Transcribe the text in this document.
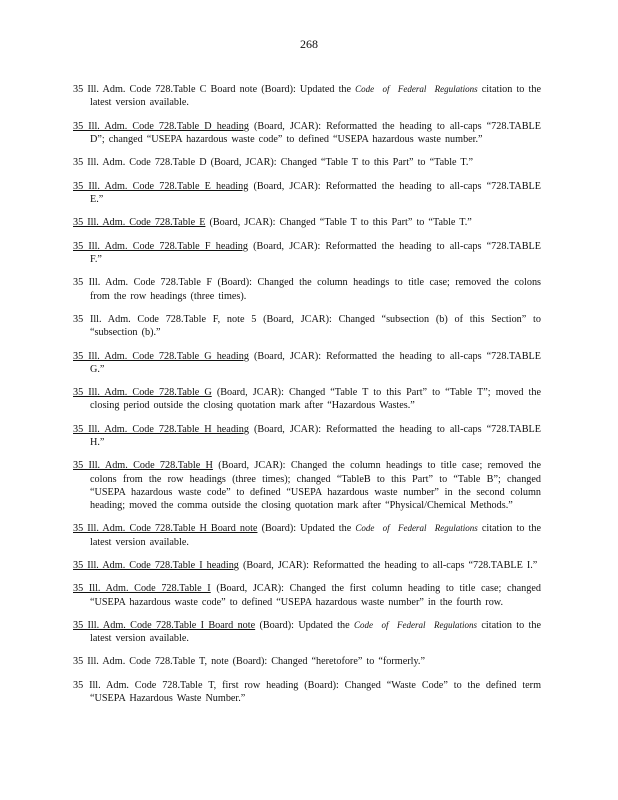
268

35 Ill. Adm. Code 728.Table C Board note (Board): Updated the Code of Federal Regulations citation to the latest version available.

35 Ill. Adm. Code 728.Table D heading (Board, JCAR): Reformatted the heading to all-caps “728.TABLE D”; changed “USEPA hazardous waste code” to defined “USEPA hazardous waste number.”

35 Ill. Adm. Code 728.Table D (Board, JCAR): Changed “Table T to this Part” to “Table T.”

35 Ill. Adm. Code 728.Table E heading (Board, JCAR): Reformatted the heading to all-caps “728.TABLE E.”

35 Ill. Adm. Code 728.Table E (Board, JCAR): Changed “Table T to this Part” to “Table T.”

35 Ill. Adm. Code 728.Table F heading (Board, JCAR): Reformatted the heading to all-caps “728.TABLE F.”

35 Ill. Adm. Code 728.Table F (Board): Changed the column headings to title case; removed the colons from the row headings (three times).

35 Ill. Adm. Code 728.Table F, note 5 (Board, JCAR): Changed “subsection (b) of this Section” to “subsection (b).”

35 Ill. Adm. Code 728.Table G heading (Board, JCAR): Reformatted the heading to all-caps “728.TABLE G.”

35 Ill. Adm. Code 728.Table G (Board, JCAR): Changed “Table T to this Part” to “Table T”; moved the closing period outside the closing quotation mark after “Hazardous Wastes.”

35 Ill. Adm. Code 728.Table H heading (Board, JCAR): Reformatted the heading to all-caps “728.TABLE H.”

35 Ill. Adm. Code 728.Table H (Board, JCAR): Changed the column headings to title case; removed the colons from the row headings (three times); changed “TableB to this Part” to “Table B”; changed “USEPA hazardous waste code” to defined “USEPA hazardous waste number” in the second column heading; moved the comma outside the closing quotation mark after “Physical/Chemical Methods.”

35 Ill. Adm. Code 728.Table H Board note (Board): Updated the Code of Federal Regulations citation to the latest version available.

35 Ill. Adm. Code 728.Table I heading (Board, JCAR): Reformatted the heading to all-caps “728.TABLE I.”

35 Ill. Adm. Code 728.Table I (Board, JCAR): Changed the first column heading to title case; changed “USEPA hazardous waste code” to defined “USEPA hazardous waste number” in the fourth row.

35 Ill. Adm. Code 728.Table I Board note (Board): Updated the Code of Federal Regulations citation to the latest version available.

35 Ill. Adm. Code 728.Table T, note (Board): Changed “heretofore” to “formerly.”

35 Ill. Adm. Code 728.Table T, first row heading (Board): Changed “Waste Code” to the defined term “USEPA Hazardous Waste Number.”
